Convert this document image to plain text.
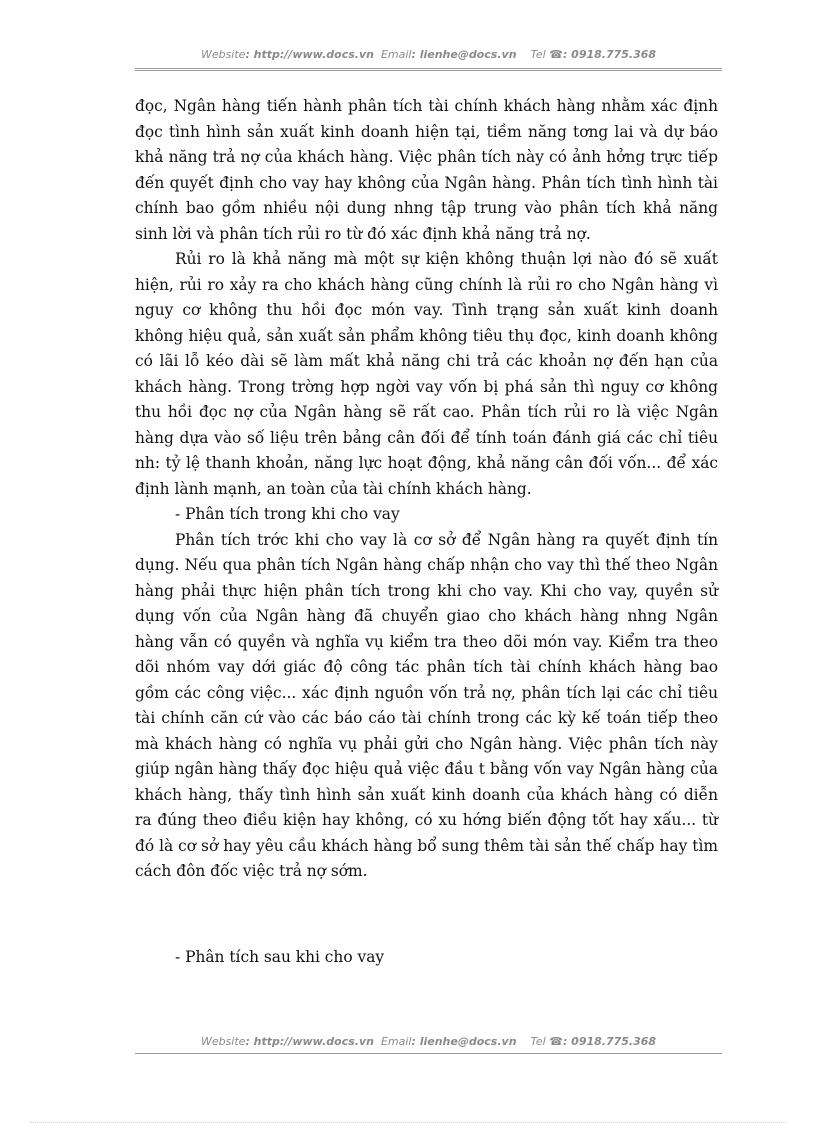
Website: http://www.docs.vn Email: lienhe@docs.vn Tel ☎: 0918.775.368

đọc, Ngân hàng tiến hành phân tích tài chính khách hàng nhằm xác định đọc tình hình sản xuất kinh doanh hiện tại, tiềm năng tơng lai và dự báo khả năng trả nợ của khách hàng. Việc phân tích này có ảnh hởng trực tiếp đến quyết định cho vay hay không của Ngân hàng. Phân tích tình hình tài chính bao gồm nhiều nội dung nhng tập trung vào phân tích khả năng sinh lời và phân tích rủi ro từ đó xác định khả năng trả nợ.

Rủi ro là khả năng mà một sự kiện không thuận lợi nào đó sẽ xuất hiện, rủi ro xảy ra cho khách hàng cũng chính là rủi ro cho Ngân hàng vì nguy cơ không thu hồi đọc món vay. Tình trạng sản xuất kinh doanh không hiệu quả, sản xuất sản phẩm không tiêu thụ đọc, kinh doanh không có lãi lỗ kéo dài sẽ làm mất khả năng chi trả các khoản nợ đến hạn của khách hàng. Trong trờng hợp ngời vay vốn bị phá sản thì nguy cơ không thu hồi đọc nợ của Ngân hàng sẽ rất cao. Phân tích rủi ro là việc Ngân hàng dựa vào số liệu trên bảng cân đối để tính toán đánh giá các chỉ tiêu nh: tỷ lệ thanh khoản, năng lực hoạt động, khả năng cân đối vốn... để xác định lành mạnh, an toàn của tài chính khách hàng.

- Phân tích trong khi cho vay

Phân tích trớc khi cho vay là cơ sở để Ngân hàng ra quyết định tín dụng. Nếu qua phân tích Ngân hàng chấp nhận cho vay thì thế theo Ngân hàng phải thực hiện phân tích trong khi cho vay. Khi cho vay, quyền sử dụng vốn của Ngân hàng đã chuyển giao cho khách hàng nhng Ngân hàng vẫn có quyền và nghĩa vụ kiểm tra theo dõi món vay. Kiểm tra theo dõi nhóm vay dới giác độ công tác phân tích tài chính khách hàng bao gồm các công việc... xác định nguồn vốn trả nợ, phân tích lại các chỉ tiêu tài chính căn cứ vào các báo cáo tài chính trong các kỳ kế toán tiếp theo mà khách hàng có nghĩa vụ phải gửi cho Ngân hàng. Việc phân tích này giúp ngân hàng thấy đọc hiệu quả việc đầu t bằng vốn vay Ngân hàng của khách hàng, thấy tình hình sản xuất kinh doanh của khách hàng có diễn ra đúng theo điều kiện hay không, có xu hớng biến động tốt hay xấu... từ đó là cơ sở hay yêu cầu khách hàng bổ sung thêm tài sản thế chấp hay tìm cách đôn đốc việc trả nợ sớm.

- Phân tích sau khi cho vay

Website: http://www.docs.vn Email: lienhe@docs.vn Tel ☎: 0918.775.368
